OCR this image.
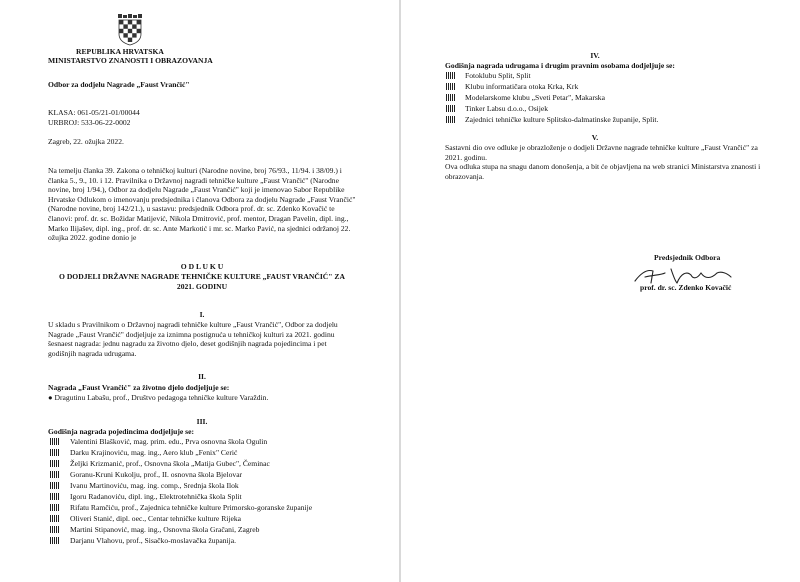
REPUBLIKA HRVATSKA
MINISTARSTVO ZNANOSTI I OBRAZOVANJA
Odbor za dodjelu Nagrade „Faust Vrančić"
KLASA: 061-05/21-01/00044
URBROJ: 533-06-22-0002
Zagreb, 22. ožujka 2022.
Na temelju članka 39. Zakona o tehničkoj kulturi (Narodne novine, broj 76/93., 11/94. i 38/09.) i članka 5., 9., 10. i 12. Pravilnika o Državnoj nagradi tehničke kulture „Faust Vrančić" (Narodne novine, broj 1/94.), Odbor za dodjelu Nagrade „Faust Vrančić" koji je imenovao Sabor Republike Hrvatske Odlukom o imenovanju predsjednika i članova Odbora za dodjelu Nagrade „Faust Vrančić" (Narodne novine, broj 142/21.), u sastavu: predsjednik Odbora prof. dr. sc. Zdenko Kovačić te članovi: prof. dr. sc. Božidar Matijević, Nikola Dmitrović, prof. mentor, Dragan Pavelin, dipl. ing., Marko Ilijašev, dipl. ing., prof. dr. sc. Ante Markotić i mr. sc. Marko Pavić, na sjednici održanoj 22. ožujka 2022. godine donio je
O D L U K U
O DODJELI DRŽAVNE NAGRADE TEHNIČKE KULTURE „FAUST VRANČIĆ" ZA 2021. GODINU
I.
U skladu s Pravilnikom o Državnoj nagradi tehničke kulture „Faust Vrančić", Odbor za dodjelu Nagrade „Faust Vrančić" dodjeljuje za iznimna postignuća u tehničkoj kulturi za 2021. godinu šesnaest nagrada: jednu nagradu za životno djelo, deset godišnjih nagrada pojedincima i pet godišnjih nagrada udrugama.
II.
Nagrada „Faust Vrančić" za životno djelo dodjeljuje se:
● Dragutinu Labašu, prof., Društvo pedagoga tehničke kulture Varaždin.
III.
Godišnja nagrada pojedincima dodjeljuje se:
Valentini Blašković, mag. prim. edu., Prva osnovna škola Ogulin
Darku Krajinoviću, mag. ing., Aero klub „Fenix" Cerić
Željki Krizmanić, prof., Osnovna škola „Matija Gubec", Čeminac
Goranu-Kruni Kukolju, prof., II. osnovna škola Bjelovar
Ivanu Martinoviću, mag. ing. comp., Srednja škola Ilok
Igoru Radanoviću, dipl. ing., Elektrotehnička škola Split
Rifatu Ramčiću, prof., Zajednica tehničke kulture Primorsko-goranske županije
Oliveri Stanić, dipl. oec., Centar tehničke kulture Rijeka
Martini Stipanović, mag. ing., Osnovna škola Gračani, Zagreb
Darjanu Vlahovu, prof., Sisačko-moslavačka županija.
IV.
Godišnja nagrada udrugama i drugim pravnim osobama dodjeljuje se:
Fotoklubu Split, Split
Klubu informatičara otoka Krka, Krk
Modelarskome klubu „Sveti Petar", Makarska
Tinker Labsu d.o.o., Osijek
Zajednici tehničke kulture Splitsko-dalmatinske županije, Split.
V.
Sastavni dio ove odluke je obrazloženje o dodjeli Državne nagrade tehničke kulture „Faust Vrančić" za 2021. godinu.
Ova odluka stupa na snagu danom donošenja, a bit će objavljena na web stranici Ministarstva znanosti i obrazovanja.
Predsjednik Odbora
prof. dr. sc. Zdenko Kovačić
